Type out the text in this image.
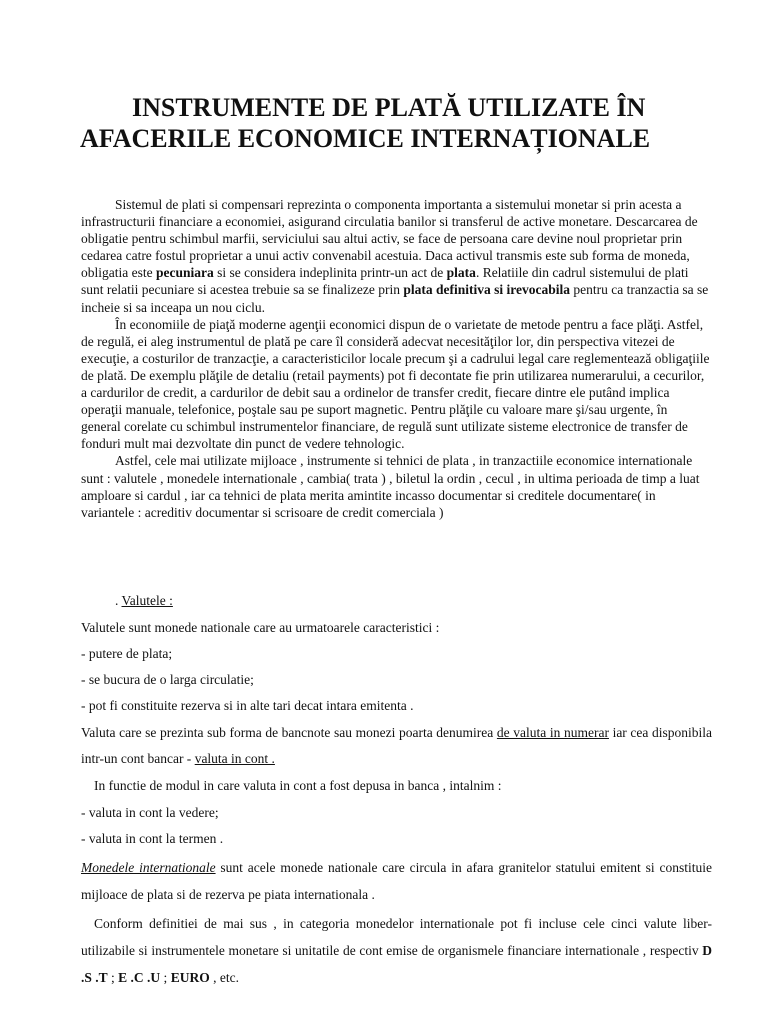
INSTRUMENTE DE PLATĂ UTILIZATE ÎN
AFACERILE ECONOMICE INTERNAȚIONALE

Sistemul de plati si compensari reprezinta o componenta importanta a sistemului monetar si prin acesta a infrastructurii financiare a economiei, asigurand circulatia banilor si transferul de active monetare. Descarcarea de obligatie pentru schimbul marfii, serviciului sau altui activ, se face de persoana care devine noul proprietar prin cedarea catre fostul proprietar a unui activ convenabil acestuia. Daca activul transmis este sub forma de moneda, obligatia este pecuniara si se considera indeplinita printr-un act de plata. Relatiile din cadrul sistemului de plati sunt relatii pecuniare si acestea trebuie sa se finalizeze prin plata definitiva si irevocabila pentru ca tranzactia sa se incheie si sa inceapa un nou ciclu.

În economiile de piaţă moderne agenţii economici dispun de o varietate de metode pentru a face plăţi. Astfel, de regulă, ei aleg instrumentul de plată pe care îl consideră adecvat necesităţilor lor, din perspectiva vitezei de execuţie, a costurilor de tranzacţie, a caracteristicilor locale precum şi a cadrului legal care reglementează obligaţiile de plată. De exemplu plăţile de detaliu (retail payments) pot fi decontate fie prin utilizarea numerarului, a cecurilor, a cardurilor de credit, a cardurilor de debit sau a ordinelor de transfer credit, fiecare dintre ele putând implica operaţii manuale, telefonice, poştale sau pe suport magnetic. Pentru plăţile cu valoare mare şi/sau urgente, în general corelate cu schimbul instrumentelor financiare, de regulă sunt utilizate sisteme electronice de transfer de fonduri mult mai dezvoltate din punct de vedere tehnologic.

Astfel, cele mai utilizate mijloace , instrumente si tehnici de plata , in tranzactiile economice internationale sunt : valutele , monedele internationale , cambia( trata ) , biletul la ordin , cecul , in ultima perioada de timp a luat amploare si cardul , iar ca tehnici de plata merita amintite incasso documentar si creditele documentare( in variantele : acreditiv documentar si scrisoare de credit comerciala )

. Valutele :
Valutele sunt monede nationale care au urmatoarele caracteristici :
- putere de plata;
- se bucura de o larga circulatie;
- pot fi constituite rezerva si in alte tari decat intara emitenta .
Valuta care se prezinta sub forma de bancnote sau monezi poarta denumirea de valuta in numerar iar cea disponibila intr-un cont bancar - valuta in cont .
In functie de modul in care valuta in cont a fost depusa in banca , intalnim :
- valuta in cont la vedere;
- valuta in cont la termen .
Monedele internationale sunt acele monede nationale care circula in afara granitelor statului emitent si constituie mijloace de plata si de rezerva pe piata internationala .
Conform definitiei de mai sus , in categoria monedelor internationale pot fi incluse cele cinci valute liber-utilizabile si instrumentele monetare si unitatile de cont emise de organismele financiare internationale , respectiv D .S .T ; E .C .U ; EURO , etc.
